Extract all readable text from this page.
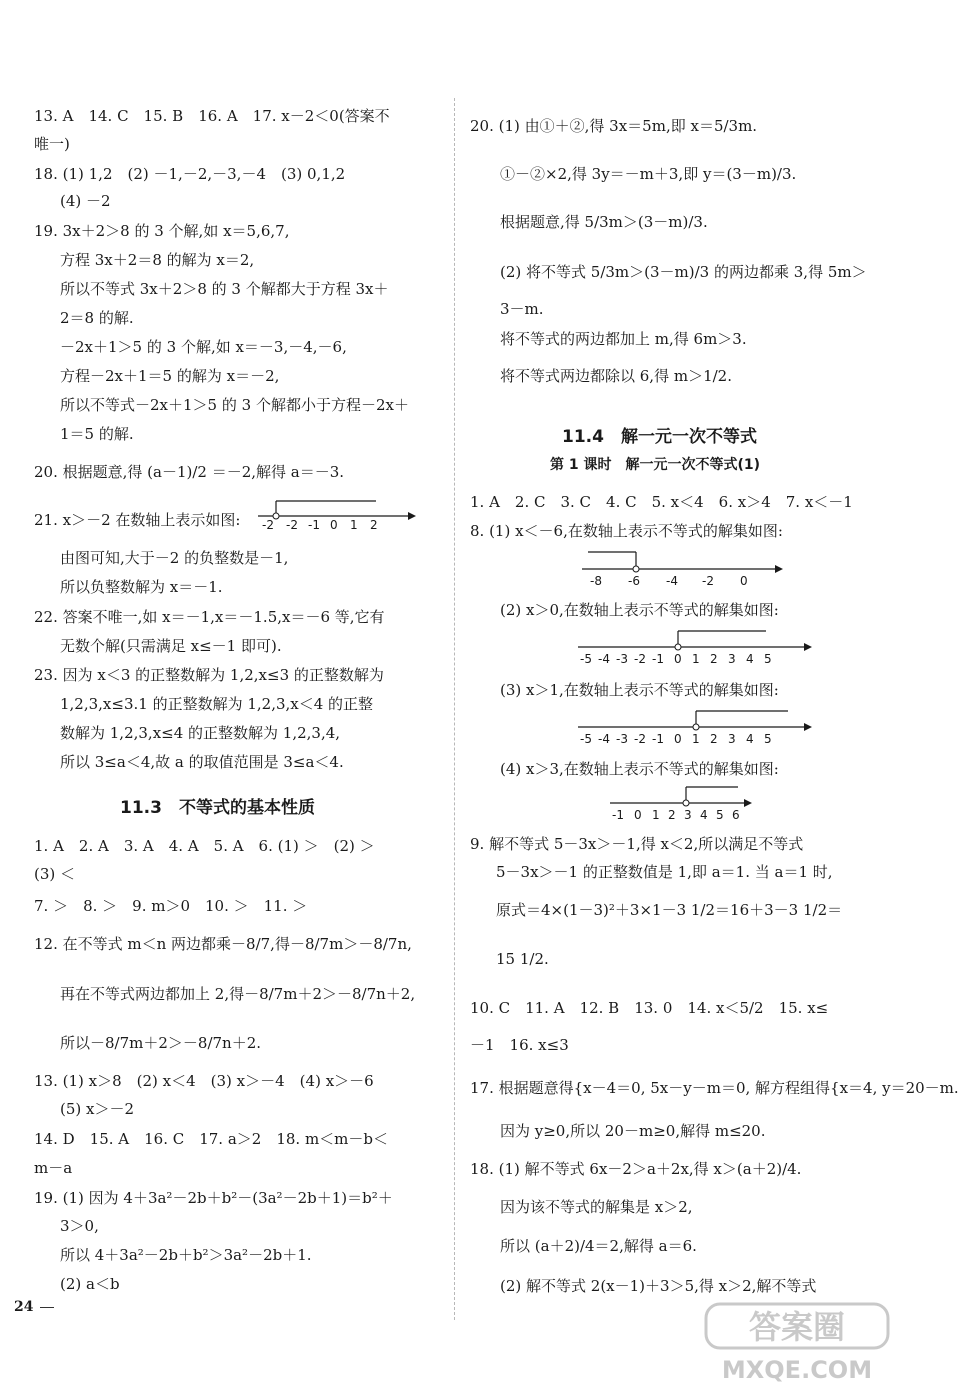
13. A　14. C　15. B　16. A　17. x－2＜0(答案不
唯一)
18. (1) 1,2　(2) －1,－2,－3,－4　(3) 0,1,2
(4) －2
19. 3x＋2＞8 的 3 个解,如 x＝5,6,7,
方程 3x＋2＝8 的解为 x＝2,
所以不等式 3x＋2＞8 的 3 个解都大于方程 3x＋
2＝8 的解.
－2x＋1＞5 的 3 个解,如 x＝－3,－4,－6,
方程－2x＋1＝5 的解为 x＝－2,
所以不等式－2x＋1＞5 的 3 个解都小于方程－2x＋
1＝5 的解.
20. 根据题意,得 (a－1)/2 ＝－2,解得 a＝－3.
21. x＞－2 在数轴上表示如图: -2 -2 -1 0 1 2
由图可知,大于－2 的负整数是－1,
所以负整数解为 x＝－1.
22. 答案不唯一,如 x＝－1,x＝－1.5,x＝－6 等,它有
无数个解(只需满足 x≤－1 即可).
23. 因为 x＜3 的正整数解为 1,2,x≤3 的正整数解为
1,2,3,x≤3.1 的正整数解为 1,2,3,x＜4 的正整
数解为 1,2,3,x≤4 的正整数解为 1,2,3,4,
所以 3≤a＜4,故 a 的取值范围是 3≤a＜4.
11.3　不等式的基本性质
1. A　2. A　3. A　4. A　5. A　6. (1) ＞　(2) ＞
(3) ＜
7. ＞　8. ＞　9. m＞0　10. ＞　11. ＞
12. 在不等式 m＜n 两边都乘－8/7,得－8/7m＞－8/7n,
再在不等式两边都加上 2,得－8/7m＋2＞－8/7n＋2,
所以－8/7m＋2＞－8/7n＋2.
13. (1) x＞8　(2) x＜4　(3) x＞－4　(4) x＞－6
(5) x＞－2
14. D　15. A　16. C　17. a＞2　18. m＜m－b＜
m－a
19. (1) 因为 4＋3a²－2b＋b²－(3a²－2b＋1)＝b²＋
3＞0,
所以 4＋3a²－2b＋b²＞3a²－2b＋1.
(2) a＜b
20. (1) 由①＋②,得 3x＝5m,即 x＝5/3m.
①－②×2,得 3y＝－m＋3,即 y＝(3－m)/3.
根据题意,得 5/3m＞(3－m)/3.
(2) 将不等式 5/3m＞(3－m)/3 的两边都乘 3,得 5m＞
3－m.
将不等式的两边都加上 m,得 6m＞3.
将不等式两边都除以 6,得 m＞1/2.
11.4　解一元一次不等式
第 1 课时　解一元一次不等式(1)
1. A　2. C　3. C　4. C　5. x＜4　6. x＞4　7. x＜－1
8. (1) x＜－6,在数轴上表示不等式的解集如图:
-8 -6 -4 -2 0
(2) x＞0,在数轴上表示不等式的解集如图:
-5 -4 -3 -2 -1 0 1 2 3 4 5
(3) x＞1,在数轴上表示不等式的解集如图:
-5 -4 -3 -2 -1 0 1 2 3 4 5
(4) x＞3,在数轴上表示不等式的解集如图:
-1 0 1 2 3 4 5 6
9. 解不等式 5－3x＞－1,得 x＜2,所以满足不等式
5－3x＞－1 的正整数值是 1,即 a＝1. 当 a＝1 时,
原式＝4×(1－3)²＋3×1－3 1/2＝16＋3－3 1/2＝
15 1/2.
10. C　11. A　12. B　13. 0　14. x＜5/2　15. x≤
－1　16. x≤3
17. 根据题意得{x－4＝0, 5x－y－m＝0, 解方程组得{x＝4, y＝20－m.
因为 y≥0,所以 20－m≥0,解得 m≤20.
18. (1) 解不等式 6x－2＞a＋2x,得 x＞(a＋2)/4.
因为该不等式的解集是 x＞2,
所以 (a＋2)/4＝2,解得 a＝6.
(2) 解不等式 2(x－1)＋3＞5,得 x＞2,解不等式
24
答案圈
MXQE.COM
